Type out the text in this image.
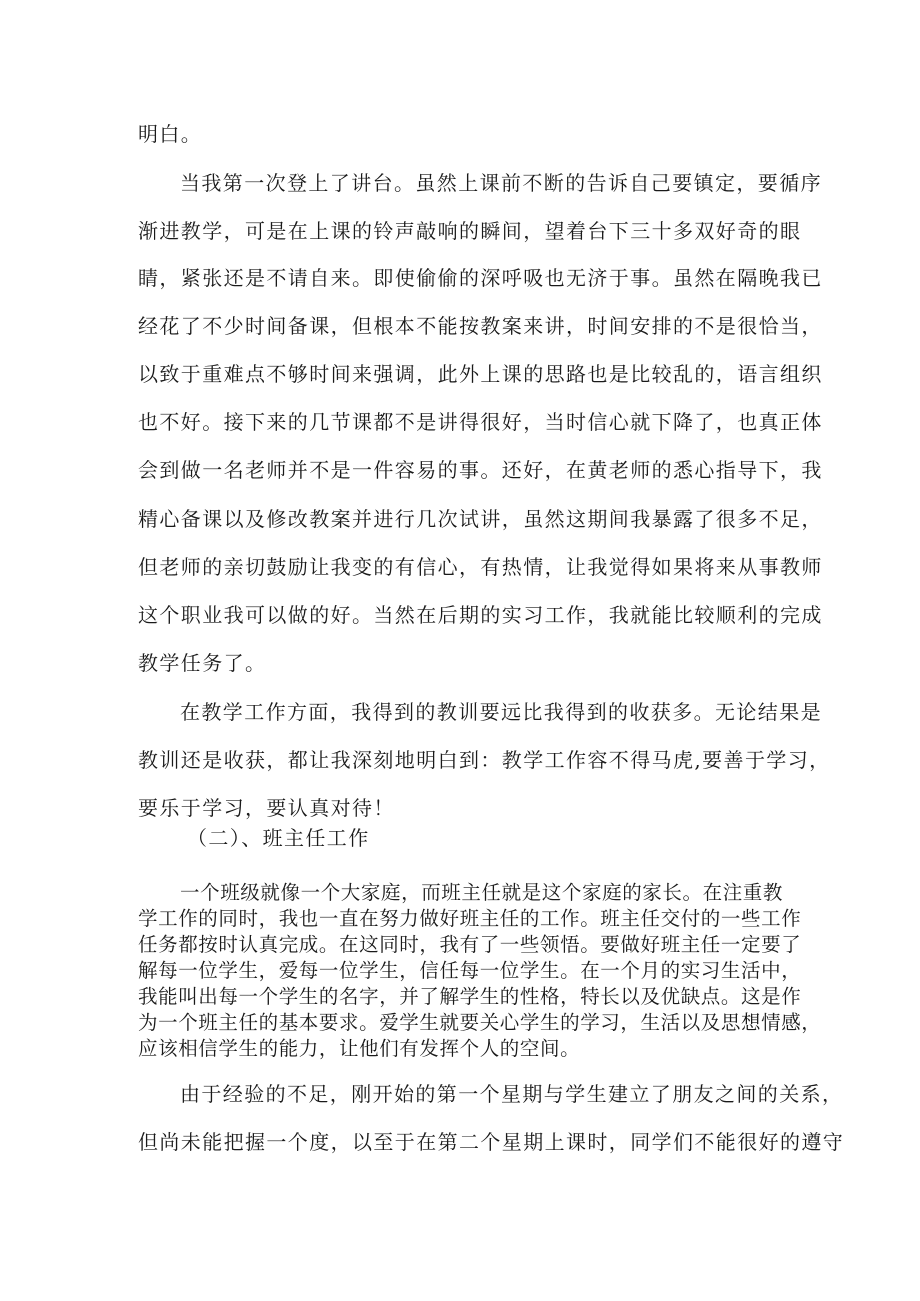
明白。
当我第一次登上了讲台。虽然上课前不断的告诉自己要镇定，要循序
渐进教学，可是在上课的铃声敲响的瞬间，望着台下三十多双好奇的眼
睛，紧张还是不请自来。即使偷偷的深呼吸也无济于事。虽然在隔晚我已
经花了不少时间备课，但根本不能按教案来讲，时间安排的不是很恰当，
以致于重难点不够时间来强调，此外上课的思路也是比较乱的，语言组织
也不好。接下来的几节课都不是讲得很好，当时信心就下降了，也真正体
会到做一名老师并不是一件容易的事。还好，在黄老师的悉心指导下，我
精心备课以及修改教案并进行几次试讲，虽然这期间我暴露了很多不足，
但老师的亲切鼓励让我变的有信心，有热情，让我觉得如果将来从事教师
这个职业我可以做的好。当然在后期的实习工作，我就能比较顺利的完成
教学任务了。
在教学工作方面，我得到的教训要远比我得到的收获多。无论结果是
教训还是收获，都让我深刻地明白到：教学工作容不得马虎,要善于学习，
要乐于学习，要认真对待！
（二）、班主任工作
一个班级就像一个大家庭，而班主任就是这个家庭的家长。在注重教
学工作的同时，我也一直在努力做好班主任的工作。班主任交付的一些工作
任务都按时认真完成。在这同时，我有了一些领悟。要做好班主任一定要了
解每一位学生，爱每一位学生，信任每一位学生。在一个月的实习生活中，
我能叫出每一个学生的名字，并了解学生的性格，特长以及优缺点。这是作
为一个班主任的基本要求。爱学生就要关心学生的学习，生活以及思想情感，
应该相信学生的能力，让他们有发挥个人的空间。
由于经验的不足，刚开始的第一个星期与学生建立了朋友之间的关系，
但尚未能把握一个度，以至于在第二个星期上课时，同学们不能很好的遵守
